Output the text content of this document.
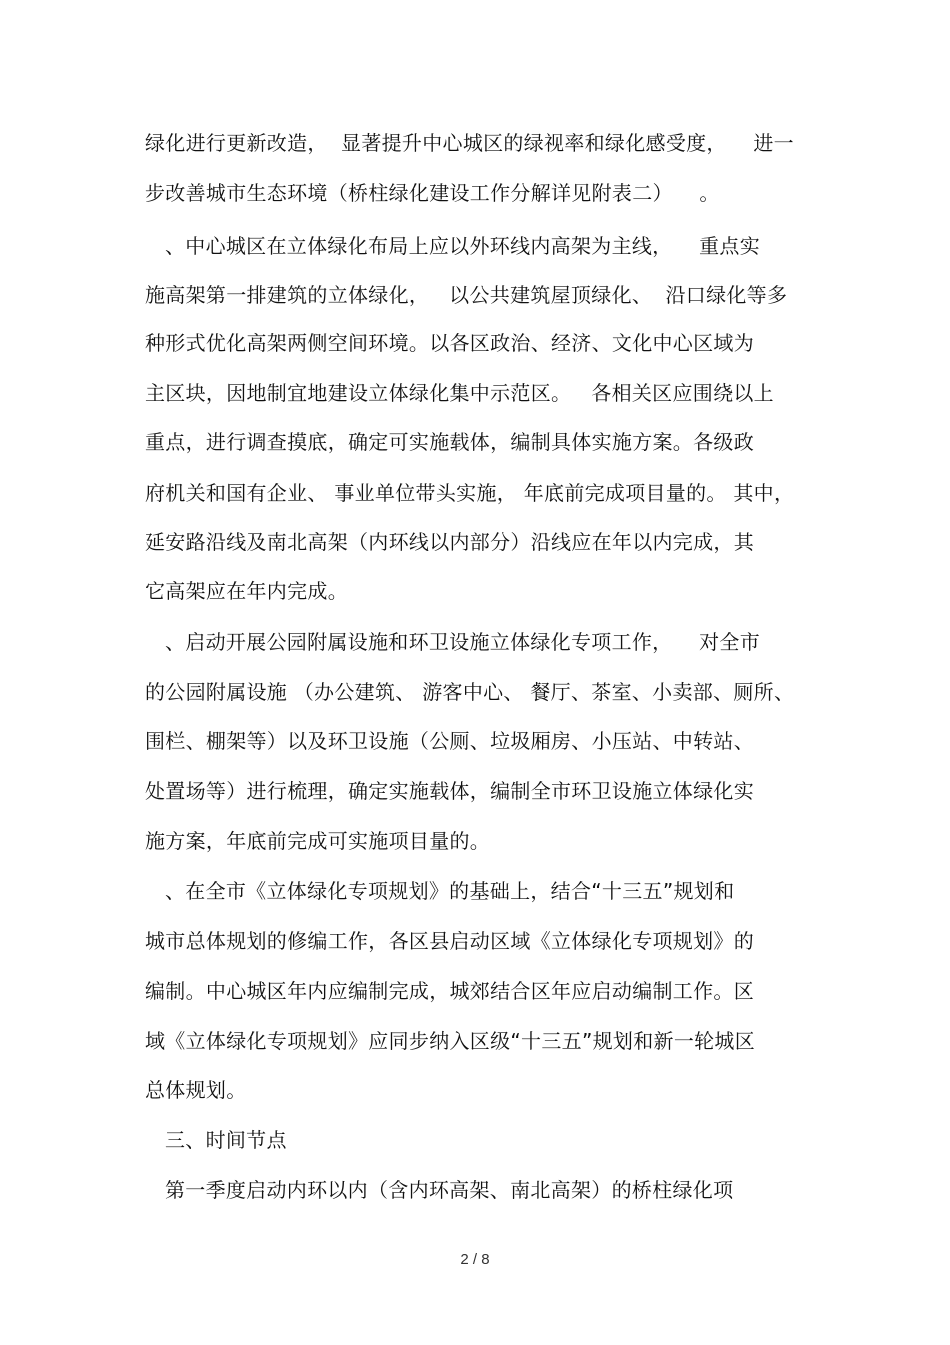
绿化进行更新改造，  显著提升中心城区的绿视率和绿化感受度，    进一
步改善城市生态环境（桥柱绿化建设工作分解详见附表二）    。
、中心城区在立体绿化布局上应以外环线内高架为主线，    重点实
施高架第一排建筑的立体绿化，   以公共建筑屋顶绿化、  沿口绿化等多
种形式优化高架两侧空间环境。以各区政治、经济、文化中心区域为
主区块，因地制宜地建设立体绿化集中示范区。   各相关区应围绕以上
重点，进行调查摸底，确定可实施载体，编制具体实施方案。各级政
府机关和国有企业、 事业单位带头实施， 年底前完成项目量的。 其中，
延安路沿线及南北高架（内环线以内部分）沿线应在年以内完成，其
它高架应在年内完成。
、启动开展公园附属设施和环卫设施立体绿化专项工作，    对全市
的公园附属设施 （办公建筑、 游客中心、 餐厅、茶室、小卖部、厕所、
围栏、棚架等）以及环卫设施（公厕、垃圾厢房、小压站、中转站、
处置场等）进行梳理，确定实施载体，编制全市环卫设施立体绿化实
施方案，年底前完成可实施项目量的。
、在全市《立体绿化专项规划》的基础上，结合“十三五”规划和
城市总体规划的修编工作，各区县启动区域《立体绿化专项规划》的
编制。中心城区年内应编制完成，城郊结合区年应启动编制工作。区
域《立体绿化专项规划》应同步纳入区级“十三五”规划和新一轮城区
总体规划。
三、时间节点
第一季度启动内环以内（含内环高架、南北高架）的桥柱绿化项
2 / 8
